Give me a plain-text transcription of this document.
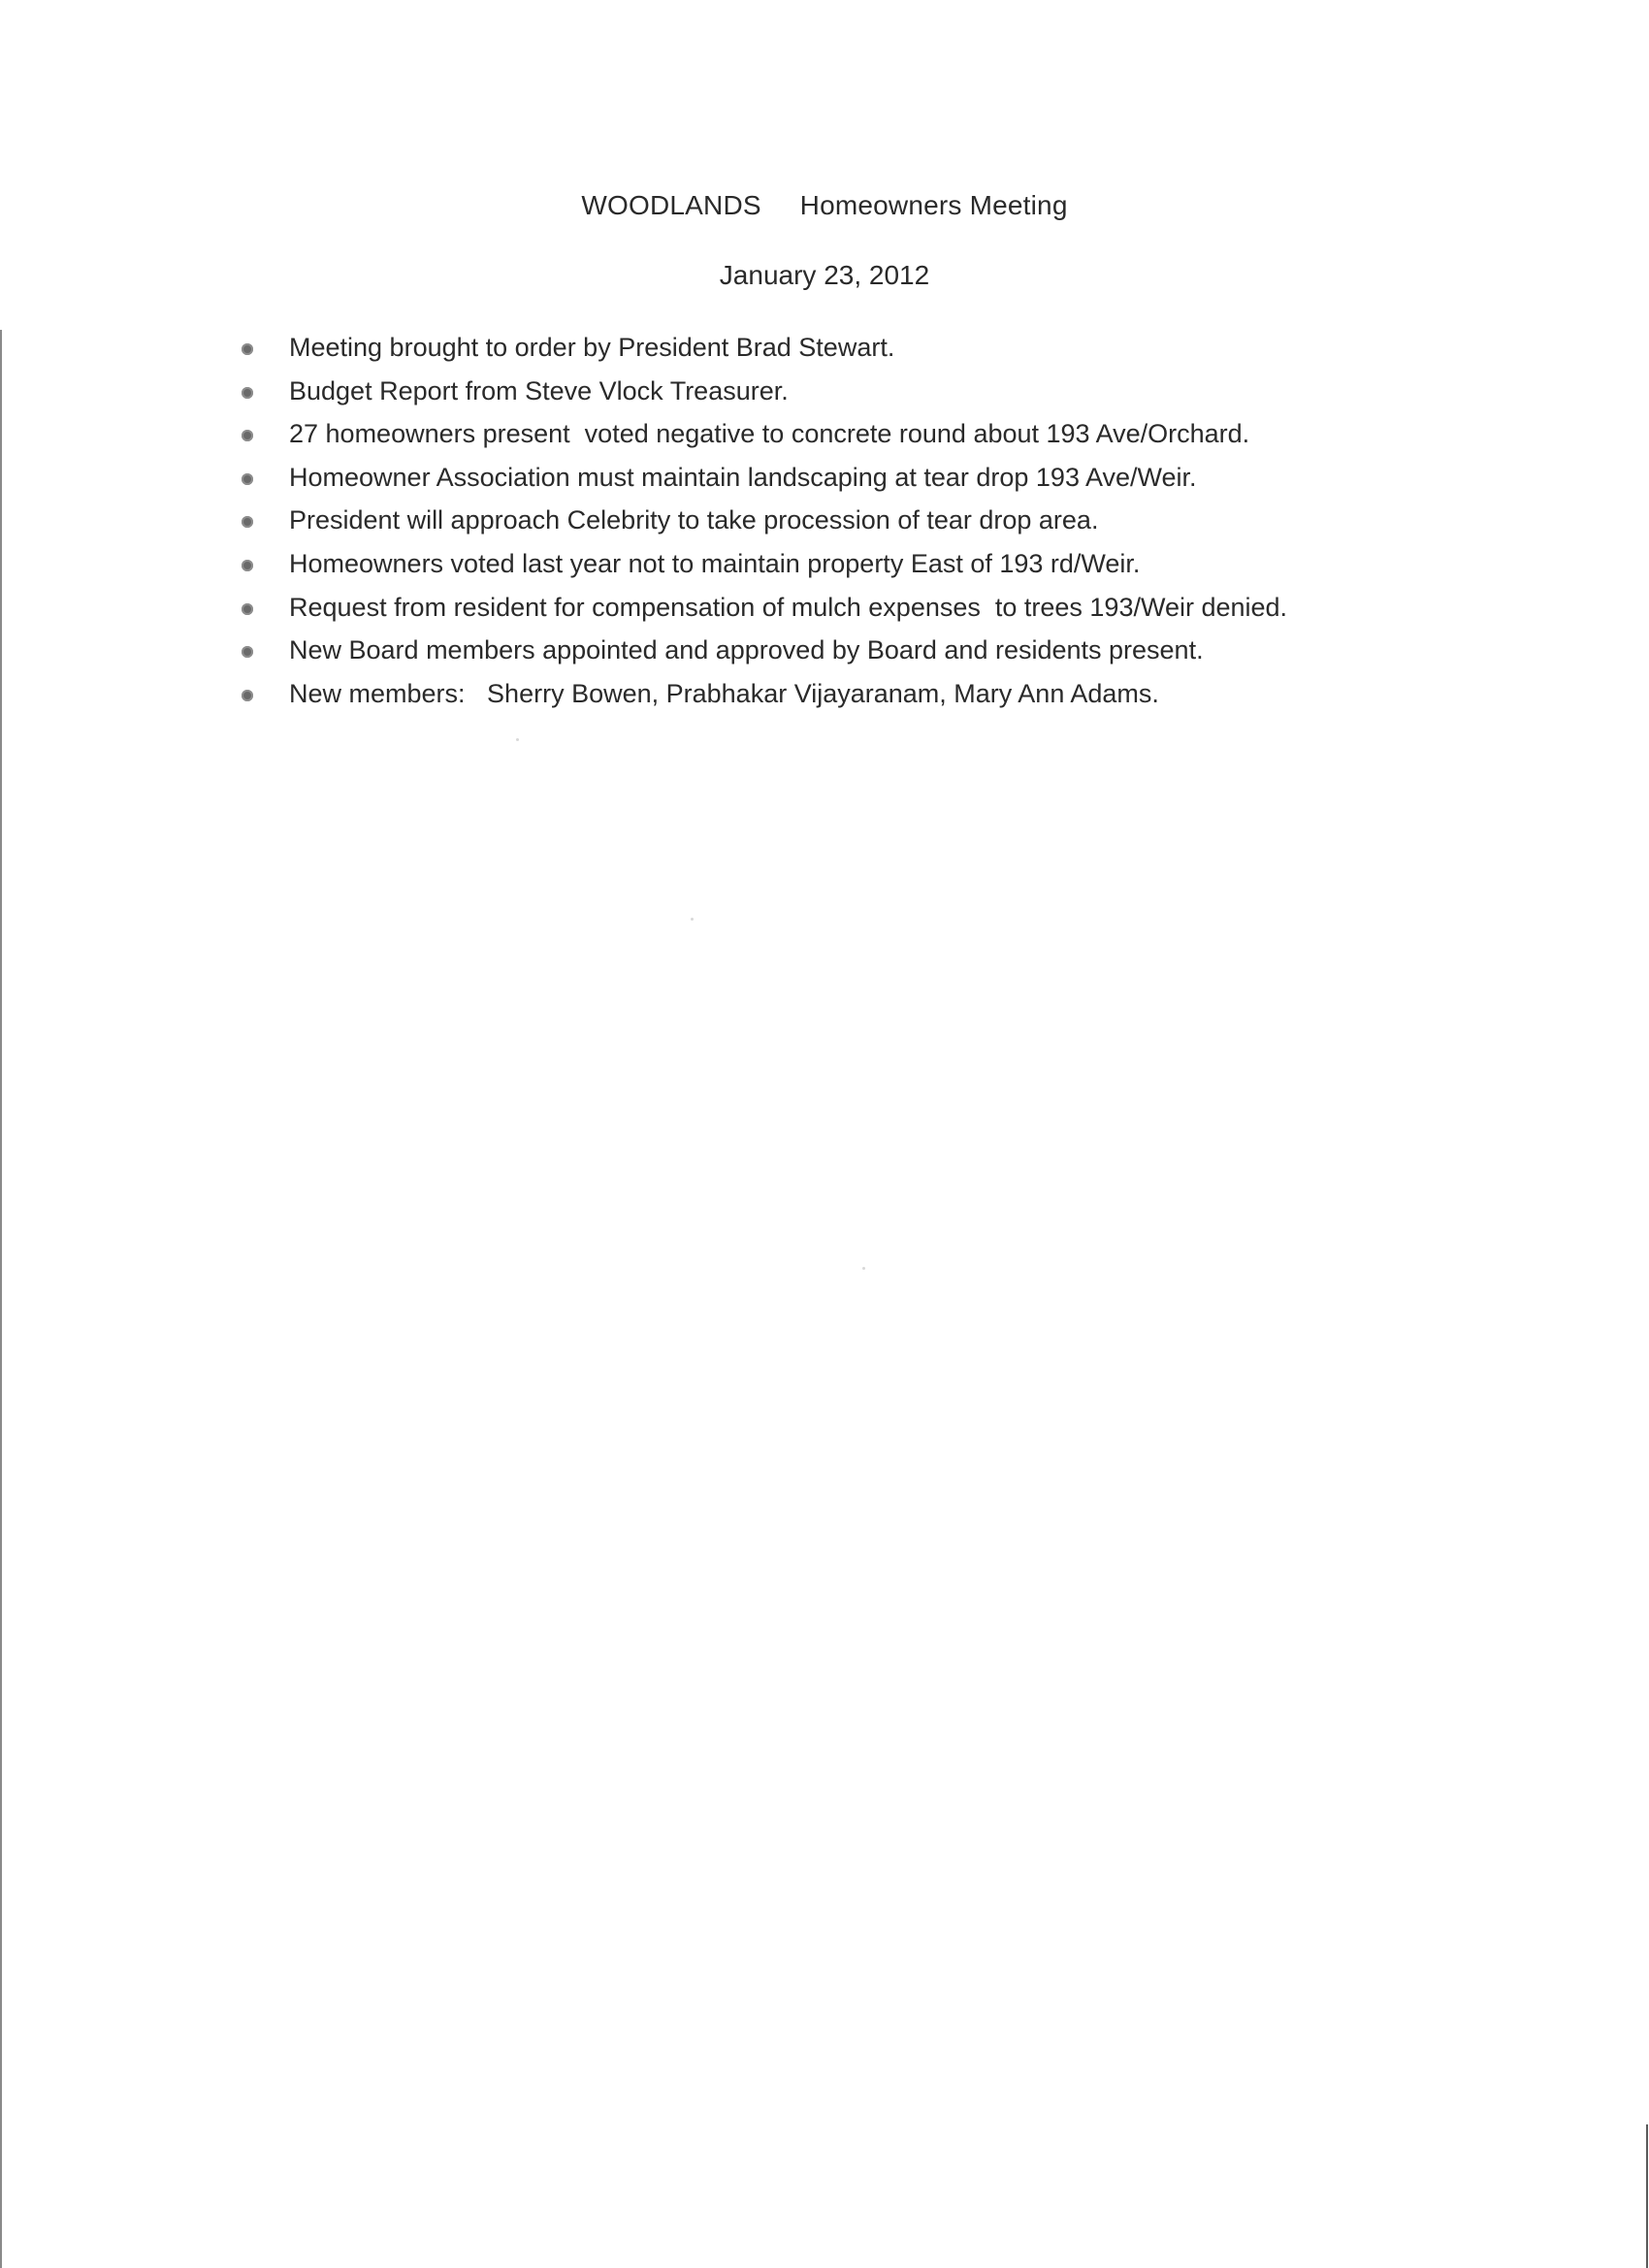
WOODLANDS     Homeowners Meeting
January 23, 2012
Meeting brought to order by President Brad Stewart.
Budget Report from Steve Vlock Treasurer.
27 homeowners present  voted negative to concrete round about 193 Ave/Orchard.
Homeowner Association must maintain landscaping at tear drop 193 Ave/Weir.
President will approach Celebrity to take procession of tear drop area.
Homeowners voted last year not to maintain property East of 193 rd/Weir.
Request from resident for compensation of mulch expenses  to trees 193/Weir denied.
New Board members appointed and approved by Board and residents present.
New members:   Sherry Bowen, Prabhakar Vijayaranam, Mary Ann Adams.
